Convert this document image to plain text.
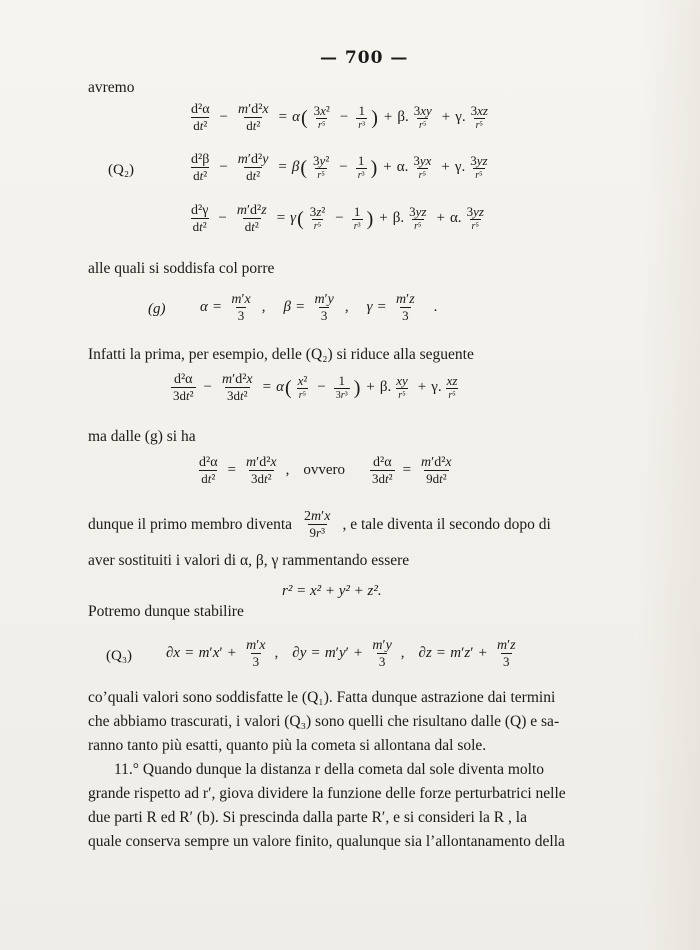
— 700 —
avremo
$\frac{\text{d²α}}{\text{dt²}} - \frac{\text{m′d²x}}{\text{dt²}} = \alpha$ ( $\frac{\text{3x²}}{\text{r⁵}} - \frac{1}{\text{r³}}$ ) + β. $\frac{3xy}{\text{r⁵}} + \gamma$. $\frac{3xz}{\text{r⁵}}$
(Q₂)	$\frac{\text{d²β}}{\text{dt²}} - \frac{\text{m′d²y}}{\text{dt²}} = \beta$ ( $\frac{\text{3y²}}{\text{r⁵}} - \frac{1}{\text{r³}}$ ) + α. $\frac{3yx}{\text{r⁵}} + \gamma$. $\frac{3yz}{\text{r⁵}}$
$\frac{\text{d²γ}}{\text{dt²}} - \frac{\text{m′d²z}}{\text{dt²}} = \gamma$ ( $\frac{\text{3z²}}{\text{r⁵}} - \frac{1}{\text{r³}}$ ) + β. $\frac{3yz}{\text{r⁵}} + \alpha$. $\frac{3yz}{\text{r⁵}}$
alle quali si soddisfa col porre
(g) $\alpha = \frac{m'x}{3}$ , $\beta = \frac{m'y}{3}$ , $\gamma = \frac{m'z}{3}$ .
Infatti la prima, per esempio, delle (Q₂) si riduce alla seguente
$\frac{\text{d²α}}{\text{3dt²}} - \frac{\text{m′d²x}}{\text{3dt²}} = \alpha$ ( $\frac{\text{x²}}{\text{r⁵}} - \frac{1}{\text{3r³}}$ ) + β. $\frac{xy}{\text{r⁵}} + \gamma$. $\frac{xz}{\text{r⁵}}$
ma dalle (g) si ha
$\frac{\text{d²α}}{\text{dt²}} = \frac{\text{m′d²x}}{\text{3dt²}}$ , ovvero $\frac{\text{d²α}}{\text{3dt²}} = \frac{\text{m′d²x}}{\text{9dt²}}$
dunque il primo membro diventa $\frac{2m'x}{\text{9r³}}$ , e tale diventa il secondo dopo di
aver sostituiti i valori di α, β, γ rammentando essere
r² = x² + y² + z².
Potremo dunque stabilire
(Q₃) $\partial x = m'x' + \frac{m'x}{3}$ , $\partial y = m'y' + \frac{m'y}{3}$ , $\partial z = m'z' + \frac{m'z}{3}$
co’quali valori sono soddisfatte le (Q₁). Fatta dunque astrazione dai termini
che abbiamo trascurati, i valori (Q₃) sono quelli che risultano dalle (Q) e sa-
ranno tanto più esatti, quanto più la cometa si allontana dal sole.
11.° Quando dunque la distanza r della cometa dal sole diventa molto
grande rispetto ad r′, giova dividere la funzione delle forze perturbatrici nelle
due parti R ed R′ (b). Si prescinda dalla parte R′, e si consideri la R , la
quale conserva sempre un valore finito, qualunque sia l’allontanamento della
